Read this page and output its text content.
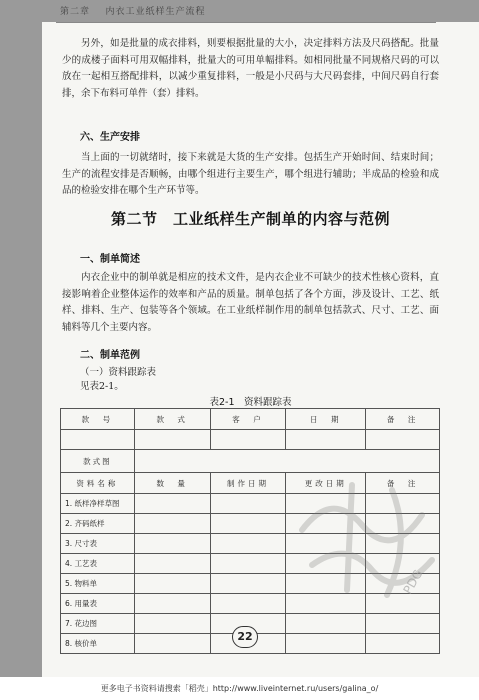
第二章 内衣工业纸样生产流程

另外，如是批量的成衣排料，则要根据批量的大小，决定排料方法及尺码搭配。批量少的成楼子面料可用双幅排料，批量大的可用单幅排料。如相同批量不同规格尺码的可以放在一起相互搭配排料，以减少重复排料，一般是小尺码与大尺码套排，中间尺码自行套排，余下布料可单件（套）排料。

六、生产安排

当上面的一切就绪时，接下来就是大货的生产安排。包括生产开始时间、结束时间；生产的流程安排是否顺畅，由哪个组进行主要生产，哪个组进行辅助；半成品的检验和成品的检验安排在哪个生产环节等。

第二节　工业纸样生产制单的内容与范例
一、制单简述

内衣企业中的制单就是相应的技术文件，是内衣企业不可缺少的技术性核心资料，直接影响着企业整体运作的效率和产品的质量。制单包括了各个方面，涉及设计、工艺、纸样、排料、生产、包装等各个领域。在工业纸样制作用的制单包括款式、尺寸、工艺、面辅料等几个主要内容。

二、制单范例
（一）资料跟踪表
见表2-1。
表2-1　资料跟踪表
款　号	款　式	客　户	日　期	备　注

款式图				
资料名称	数　量	制作日期	更改日期	备　注
1. 纸样净样草图				
2. 齐码纸样				
3. 尺寸表				
4. 工艺表				
5. 物料单				
6. 用量表				
7. 花边图				
8. 核价单				
PDG
22
更多电子书资料请搜索「稻壳」http://www.liveinternet.ru/users/galina_o/
